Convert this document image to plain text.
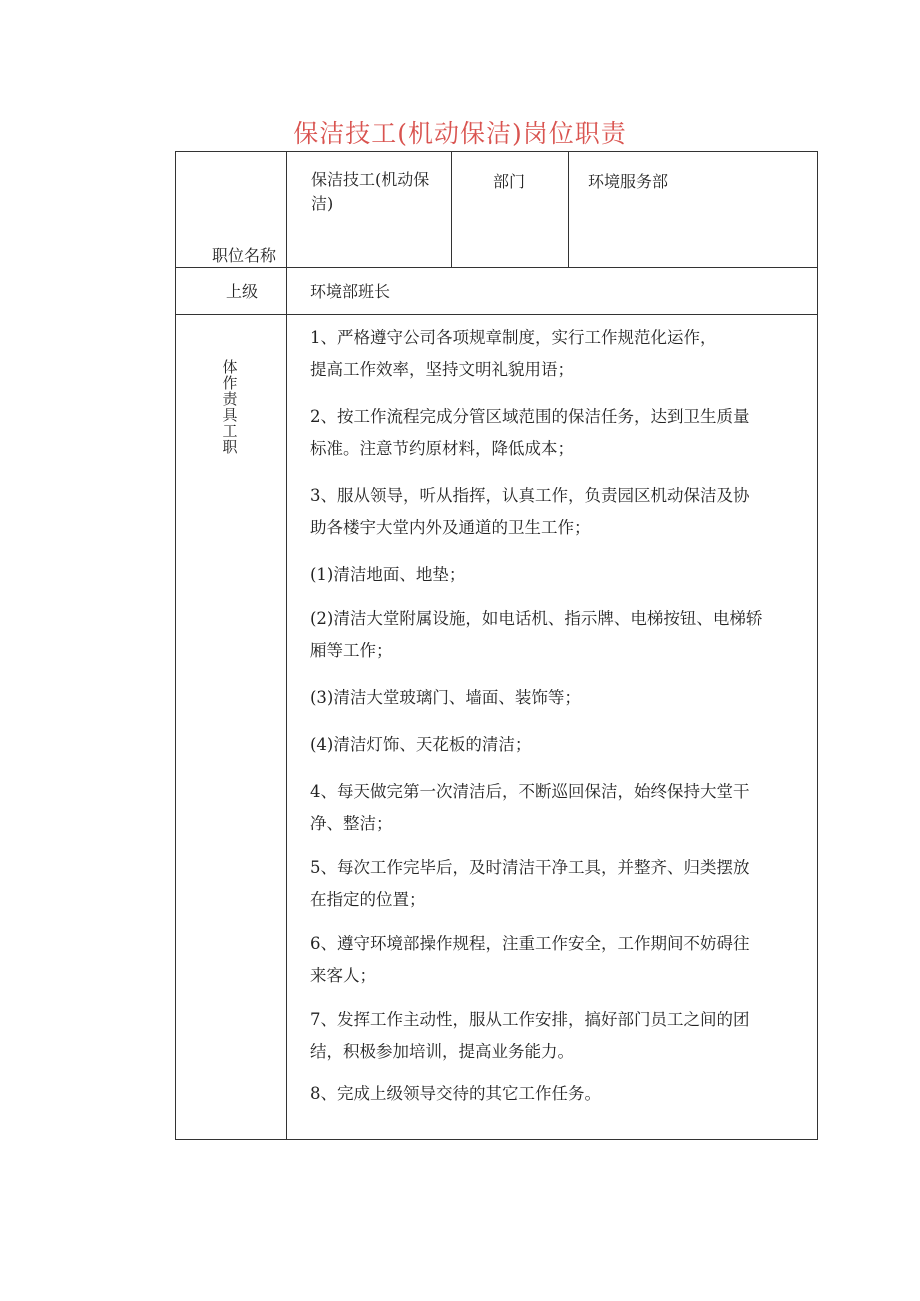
保洁技工(机动保洁)岗位职责
职位名称
保洁技工(机动保
洁)
部门	环境服务部
上级	环境部班长
体
作
责
具
工
职
1、严格遵守公司各项规章制度，实行工作规范化运作，
提高工作效率，坚持文明礼貌用语；
2、按工作流程完成分管区域范围的保洁任务，达到卫生质量
标准。注意节约原材料，降低成本；
3、服从领导，听从指挥，认真工作，负责园区机动保洁及协
助各楼宇大堂内外及通道的卫生工作；
(1)清洁地面、地垫；
(2)清洁大堂附属设施，如电话机、指示牌、电梯按钮、电梯轿
厢等工作；
(3)清洁大堂玻璃门、墙面、装饰等；
(4)清洁灯饰、天花板的清洁；
4、每天做完第一次清洁后，不断巡回保洁，始终保持大堂干
净、整洁；
5、每次工作完毕后，及时清洁干净工具，并整齐、归类摆放
在指定的位置；
6、遵守环境部操作规程，注重工作安全，工作期间不妨碍往
来客人；
7、发挥工作主动性，服从工作安排，搞好部门员工之间的团
结，积极参加培训，提高业务能力。
8、完成上级领导交待的其它工作任务。
